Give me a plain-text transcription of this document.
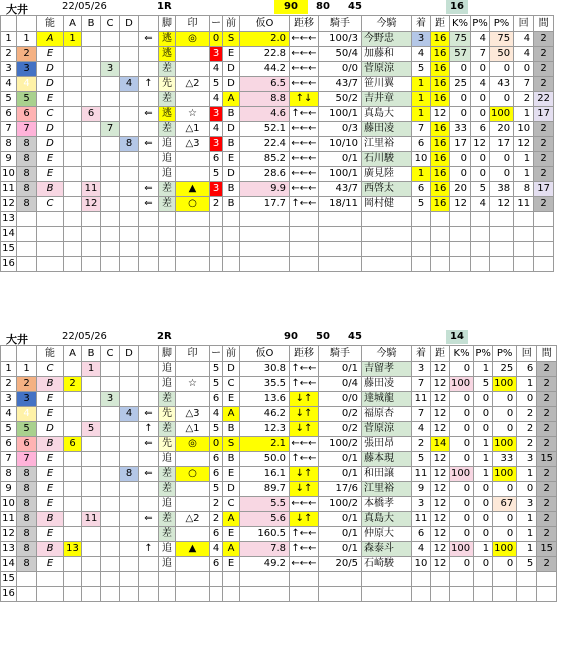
大井	22/05/26	1R	90	80	45	16
		能	A	B	C	D		脚	印	ー	前	仮O	距移	騎手	今騎	着	距	K%	P%	P%	回	間
1	1	A	1				⇐	逃	◎	0	S	2.0	←←←	100/3	今野忠	3	16	75	4	75	4	2
2	2	E						逃		3	E	22.8	←←←	50/4	加藤和	4	16	57	7	50	4	2
3	3	D			3			差		4	D	44.2	←←←	0/0	菅原涼	5	16	0	0	0	0	2
4	4	D				4	↑	先	△2	5	D	6.5	←←←	43/7	笹川翼	1	16	25	4	43	7	2
5	5	E						差		4	A	8.8	↑↓	50/2	吉井章	1	16	0	0	0	2	22
6	6	C		6			⇐	逃	☆	3	B	4.6	↑←←	100/1	真島大	1	12	0	0	100	1	17
7	7	D			7			差	△1	4	D	52.1	←←←	0/3	藤田凌	7	16	33	6	20	10	2
8	8	D				8	⇐	追	△3	3	B	22.4	←←←	10/10	江里裕	6	16	17	12	17	12	2
9	8	E						追		6	E	85.2	←←←	0/1	石川駿	10	16	0	0	0	1	2
10	8	E						追		5	D	28.6	←←←	100/1	廣見陸	1	16	0	0	0	1	2
11	8	B		11			⇐	差	▲	3	B	9.9	←←←	43/7	西啓太	6	16	20	5	38	8	17
12	8	C		12			⇐	差	○	2	B	17.7	↑←←	18/11	岡村健	5	16	12	4	12	11	2
13																						
14																						
15																						
16																						
大井	22/05/26	2R	90	50	45	14
		能	A	B	C	D		脚	印	ー	前	仮O	距移	騎手	今騎	着	距	K%	P%	P%	回	間
1	1	C		1				追		5	D	30.8	↑←←	0/1	吉留孝	3	12	0	1	25	6	2
2	2	B	2					追	☆	5	C	35.5	↑←←	0/4	藤田凌	7	12	100	5	100	1	2
3	3	E			3			差		6	E	13.6	↓↑	0/0	達城龍	11	12	0	0	0	0	2
4	4	E				4	⇐	先	△3	4	A	46.2	↓↑	0/2	福原杏	7	12	0	0	0	2	2
5	5	D		5			↑	差	△1	5	B	12.3	↓↑	0/2	菅原涼	4	12	0	0	0	2	2
6	6	B	6				⇐	先	◎	0	S	2.1	←←←	100/2	張田昂	2	14	0	1	100	2	2
7	7	E						追		6	B	50.0	↑←←	0/1	藤本現	5	12	0	1	33	3	15
8	8	E				8	⇐	差	○	6	E	16.1	↓↑	0/1	和田譲	11	12	100	1	100	1	2
9	8	E						差		5	D	89.7	↓↑	17/6	江里裕	9	12	0	0	0	0	2
10	8	E						追		2	C	5.5	←←←	100/2	本橋孝	3	12	0	0	67	3	2
11	8	B		11			⇐	差	△2	2	A	5.6	↓↑	0/1	真島大	11	12	0	0	0	1	2
12	8	E						差		6	E	160.5	↑←←	0/1	仲原大	6	12	0	0	0	1	2
13	8	B	13				↑	追	▲	4	A	7.8	↑←←	0/1	森泰斗	4	12	100	1	100	1	15
14	8	E						追		6	E	49.2	←←←	20/5	石崎駿	10	12	0	0	0	5	2
15																						
16																						
